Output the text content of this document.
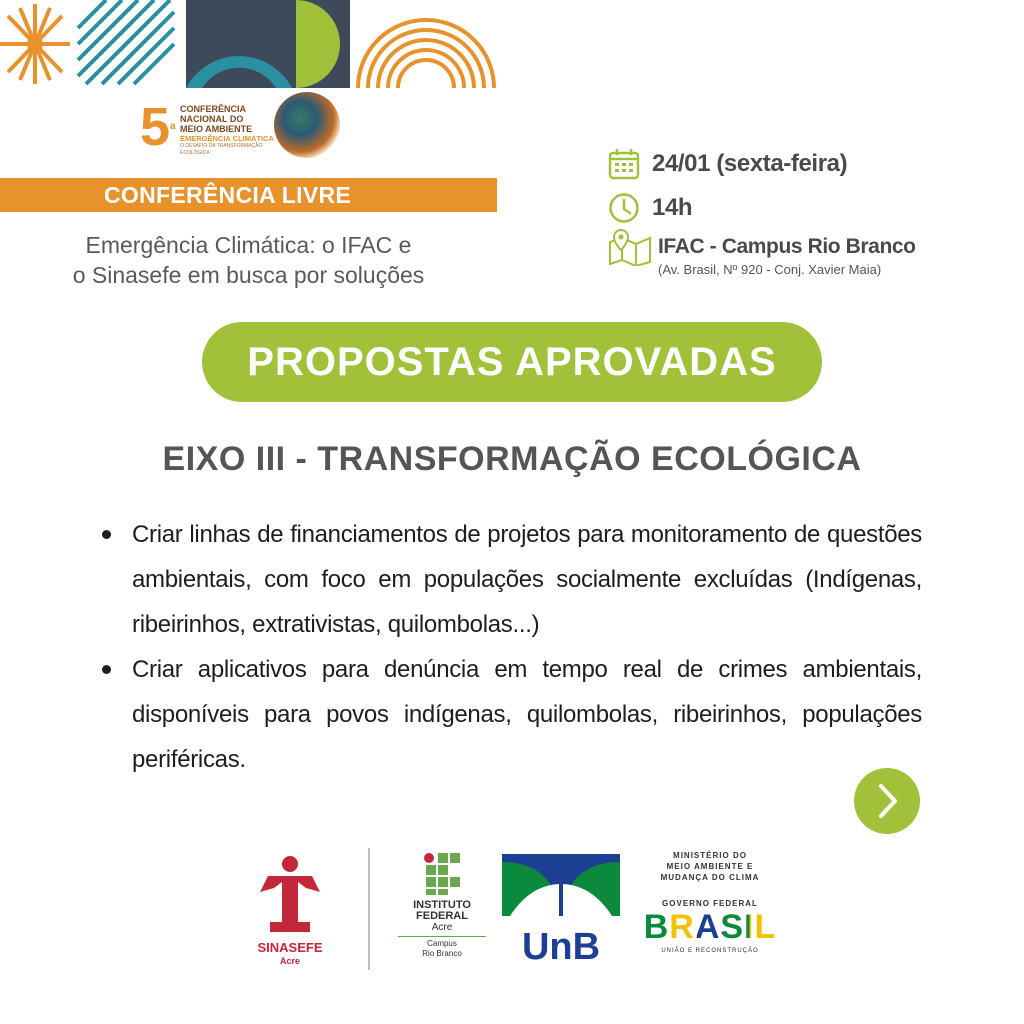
5$^a$
CONFERÊNCIA
NACIONAL DO
MEIO AMBIENTE
EMERGÊNCIA CLIMÁTICA
O DESAFIO DA TRANSFORMAÇÃO ECOLÓGICA
CONFERÊNCIA LIVRE
Emergência Climática: o IFAC e
o Sinasefe em busca por soluções
24/01 (sexta-feira)
14h
IFAC - Campus Rio Branco
(Av. Brasil, Nº 920 - Conj. Xavier Maia)
PROPOSTAS APROVADAS
EIXO III - TRANSFORMAÇÃO ECOLÓGICA
Criar linhas de financiamentos de projetos para monitoramento de questões ambientais, com foco em populações socialmente excluídas (Indígenas, ribeirinhos, extrativistas, quilombolas...)
Criar aplicativos para denúncia em tempo real de crimes ambientais, disponíveis para povos indígenas, quilombolas, ribeirinhos, populações periféricas.
SINASEFE
Acre
INSTITUTO
FEDERAL
Acre
Campus
Rio Branco	UnB
MINISTÉRIO DO
MEIO AMBIENTE E
MUDANÇA DO CLIMA
GOVERNO FEDERAL
BRASIL
UNIÃO E RECONSTRUÇÃO
